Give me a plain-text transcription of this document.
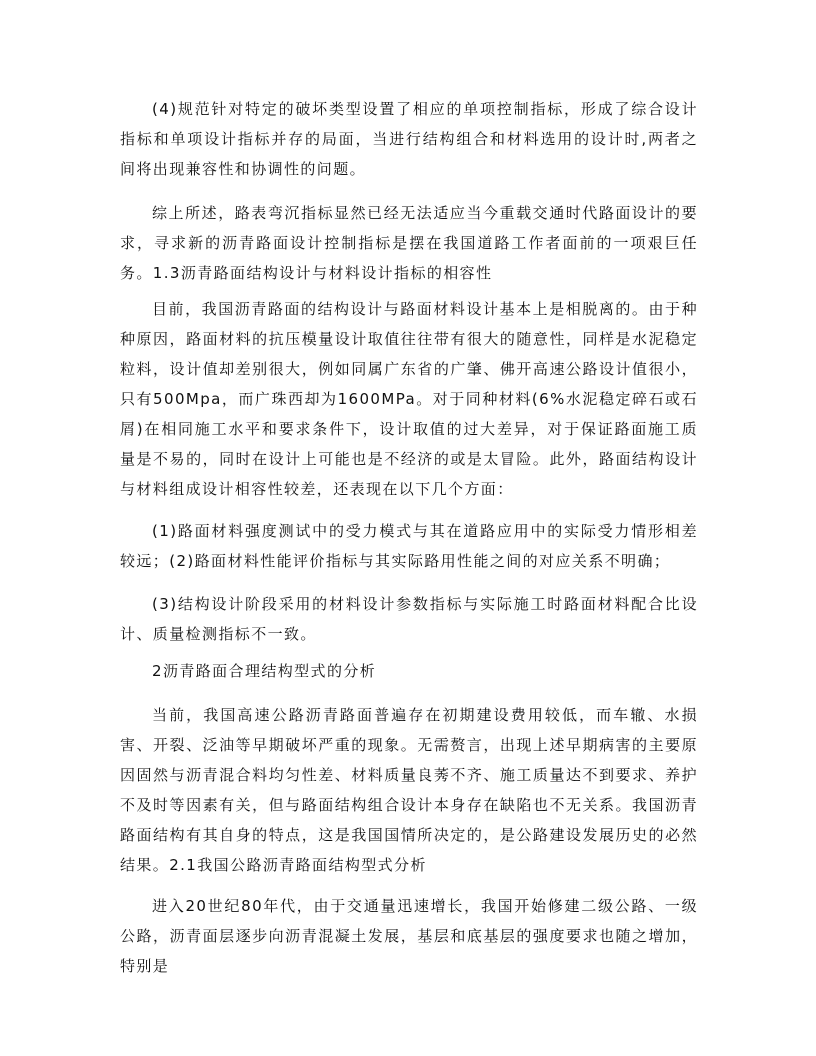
(4)规范针对特定的破坏类型设置了相应的单项控制指标，形成了综合设计指标和单项设计指标并存的局面，当进行结构组合和材料选用的设计时,两者之间将出现兼容性和协调性的问题。

综上所述，路表弯沉指标显然已经无法适应当今重载交通时代路面设计的要求，寻求新的沥青路面设计控制指标是摆在我国道路工作者面前的一项艰巨任务。1.3沥青路面结构设计与材料设计指标的相容性

目前，我国沥青路面的结构设计与路面材料设计基本上是相脱离的。由于种种原因，路面材料的抗压模量设计取值往往带有很大的随意性，同样是水泥稳定粒料，设计值却差别很大，例如同属广东省的广肇、佛开高速公路设计值很小，只有500Mpa，而广珠西却为1600MPa。对于同种材料(6%水泥稳定碎石或石屑)在相同施工水平和要求条件下，设计取值的过大差异，对于保证路面施工质量是不易的，同时在设计上可能也是不经济的或是太冒险。此外，路面结构设计与材料组成设计相容性较差，还表现在以下几个方面：

(1)路面材料强度测试中的受力模式与其在道路应用中的实际受力情形相差较远；(2)路面材料性能评价指标与其实际路用性能之间的对应关系不明确；

(3)结构设计阶段采用的材料设计参数指标与实际施工时路面材料配合比设计、质量检测指标不一致。

2沥青路面合理结构型式的分析

当前，我国高速公路沥青路面普遍存在初期建设费用较低，而车辙、水损害、开裂、泛油等早期破坏严重的现象。无需赘言，出现上述早期病害的主要原因固然与沥青混合料均匀性差、材料质量良莠不齐、施工质量达不到要求、养护不及时等因素有关，但与路面结构组合设计本身存在缺陷也不无关系。我国沥青路面结构有其自身的特点，这是我国国情所决定的，是公路建设发展历史的必然结果。2.1我国公路沥青路面结构型式分析

进入20世纪80年代，由于交通量迅速增长，我国开始修建二级公路、一级公路，沥青面层逐步向沥青混凝土发展，基层和底基层的强度要求也随之增加，特别是
